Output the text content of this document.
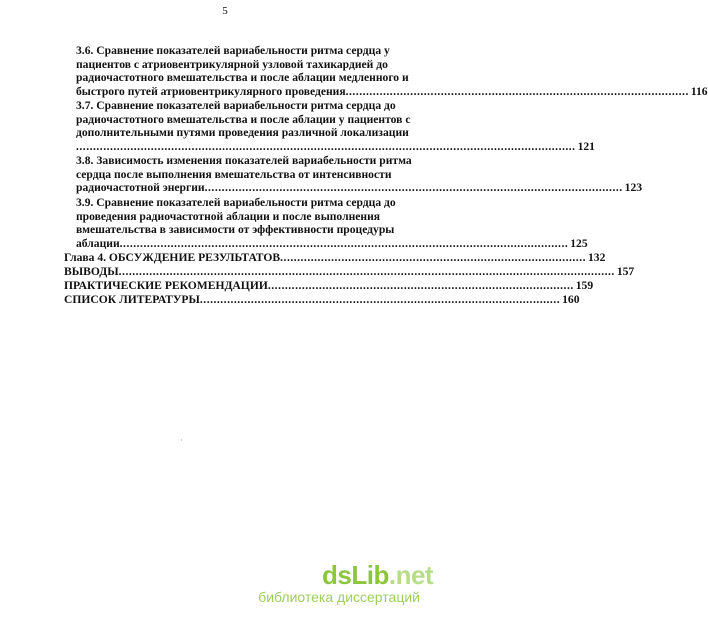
5
3.6. Сравнение показателей вариабельности ритма сердца у
пациентов с атриовентрикулярной узловой тахикардией до
радиочастотного вмешательства и после аблации медленного и
быстрого путей атриовентрикулярного проведения ..................................................................................................... 116
3.7. Сравнение показателей вариабельности ритма сердца до
радиочастотного вмешательства и после аблации у пациентов с
дополнительными путями проведения различной локализации
................................................................................................................................................... 121
3.8. Зависимость изменения показателей вариабельности ритма
сердца после выполнения вмешательства от интенсивности
радиочастотной энергии ........................................................................................................................... 123
3.9. Сравнение показателей вариабельности ритма сердца до
проведения радиочастотной аблации и после выполнения
вмешательства в зависимости от эффективности процедуры
аблации .................................................................................................................................... 125
Глава 4. ОБСУЖДЕНИЕ РЕЗУЛЬТАТОВ .......................................................................................... 132
ВЫВОДЫ .................................................................................................................................................. 157
ПРАКТИЧЕСКИЕ РЕКОМЕНДАЦИИ .......................................................................................... 159
СПИСОК ЛИТЕРАТУРЫ .......................................................................................................... 160
·
dsLib.net
библиотека диссертаций
